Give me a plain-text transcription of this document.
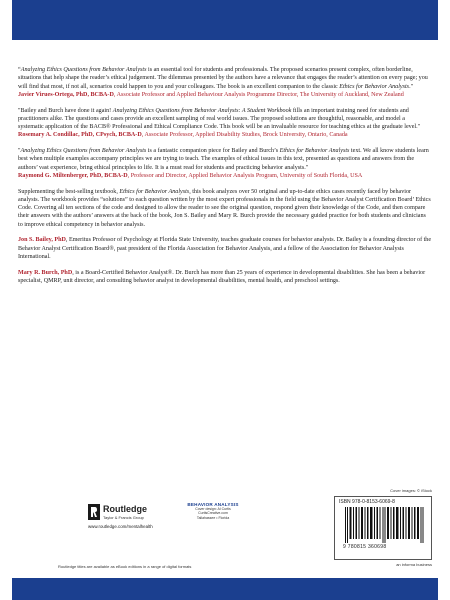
“Analyzing Ethics Questions from Behavior Analysts is an essential tool for students and professionals. The proposed scenarios present complex, often borderline, situations that help shape the reader’s ethical judgement. The dilemmas presented by the authors have a relevance that engages the reader’s attention on every page; you will find that most, if not all, scenarios could happen to you and your colleagues. The book is an excellent companion to the classic Ethics for Behavior Analysts."

Javier Virues-Ortega, PhD, BCBA-D, Associate Professor and Applied Behaviour Analysis Programme Director, The University of Auckland, New Zealand

"Bailey and Burch have done it again! Analyzing Ethics Questions from Behavior Analysts: A Student Workbook fills an important training need for students and practitioners alike. The questions and cases provide an excellent sampling of real world issues. The proposed solutions are thoughtful, reasonable, and model a systematic application of the BACB® Professional and Ethical Compliance Code. This book will be an invaluable resource for teaching ethics at the graduate level."

Rosemary A. Condillac, PhD, CPsych, BCBA-D, Associate Professor, Applied Disability Studies, Brock University, Ontario, Canada

"Analyzing Ethics Questions from Behavior Analysts is a fantastic companion piece for Bailey and Burch’s Ethics for Behavior Analysts text. We all know students learn best when multiple examples accompany principles we are trying to teach. The examples of ethical issues in this text, presented as questions and answers from the authors’ vast experience, bring ethical principles to life. It is a must read for students and practicing behavior analysts."

Raymond G. Miltenberger, PhD, BCBA-D, Professor and Director, Applied Behavior Analysis Program, University of South Florida, USA

Supplementing the best-selling textbook, Ethics for Behavior Analysts, this book analyzes over 50 original and up-to-date ethics cases recently faced by behavior analysts. The workbook provides “solutions” to each question written by the most expert professionals in the field using the Behavior Analyst Certification Board’ Ethics Code. Covering all ten sections of the code and designed to allow the reader to see the original question, respond given their knowledge of the Code, and then compare their answers with the authors’ answers at the back of the book, Jon S. Bailey and Mary R. Burch provide the necessary guided practice for both students and clinicians to improve ethical competency in behavior analysis.

Jon S. Bailey, PhD, Emeritus Professor of Psychology at Florida State University, teaches graduate courses for behavior analysts. Dr. Bailey is a founding director of the Behavior Analyst Certification Board®, past president of the Florida Association for Behavior Analysis, and a fellow of the Association for Behavior Analysis International.

Mary R. Burch, PhD, is a Board-Certified Behavior Analyst®. Dr. Burch has more than 25 years of experience in developmental disabilities. She has been a behavior specialist, QMRP, unit director, and consulting behavior analyst in developmental disabilities, mental health, and preschool settings.

Routledge
Taylor & Francis Group
www.routledge.com/mentalhealth
BEHAVIOR ANALYSIS
Cover design: Al Curtis
CurtisCreative.com
Tallahassee • Florida
Cover images: © iStock
ISBN 978-0-8153-6069-8
9 780815 360698
an informa business
Routledge titles are available as eBook editions in a range of digital formats
